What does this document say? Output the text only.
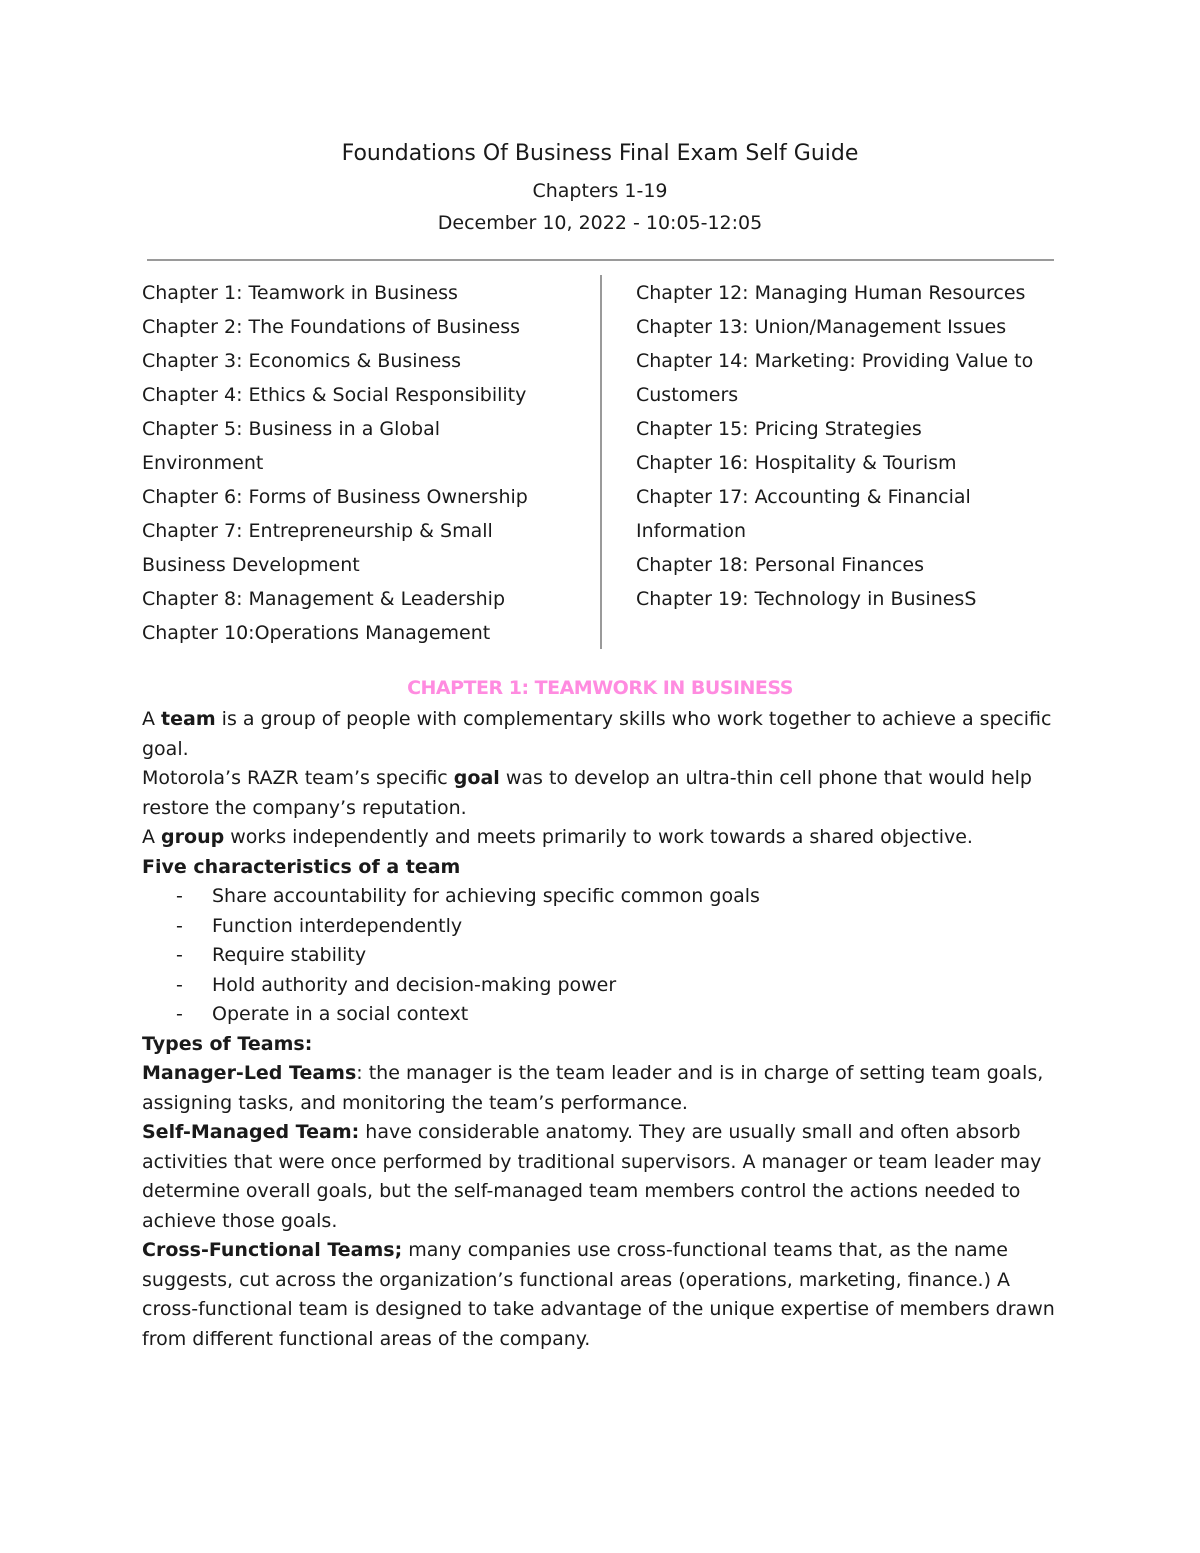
Foundations Of Business Final Exam Self Guide
Chapters 1-19
December 10, 2022 - 10:05-12:05
Chapter 1: Teamwork in Business
Chapter 2: The Foundations of Business
Chapter 3: Economics & Business
Chapter 4: Ethics & Social Responsibility
Chapter 5: Business in a Global
Environment
Chapter 6: Forms of Business Ownership
Chapter 7: Entrepreneurship & Small
Business Development
Chapter 8: Management & Leadership
Chapter 10:Operations Management
Chapter 12: Managing Human Resources
Chapter 13: Union/Management Issues
Chapter 14: Marketing: Providing Value to
Customers
Chapter 15: Pricing Strategies
Chapter 16: Hospitality & Tourism
Chapter 17: Accounting & Financial
Information
Chapter 18: Personal Finances
Chapter 19: Technology in BusinesS
CHAPTER 1: TEAMWORK IN BUSINESS

A team is a group of people with complementary skills who work together to achieve a specific goal.

Motorola’s RAZR team’s specific goal was to develop an ultra-thin cell phone that would help restore the company’s reputation.

A group works independently and meets primarily to work towards a shared objective.

Five characteristics of a team

- Share accountability for achieving specific common goals
- Function interdependently
- Require stability
- Hold authority and decision-making power
- Operate in a social context

Types of Teams:

Manager-Led Teams: the manager is the team leader and is in charge of setting team goals, assigning tasks, and monitoring the team’s performance.

Self-Managed Team: have considerable anatomy. They are usually small and often absorb activities that were once performed by traditional supervisors. A manager or team leader may determine overall goals, but the self-managed team members control the actions needed to achieve those goals.

Cross-Functional Teams; many companies use cross-functional teams that, as the name suggests, cut across the organization’s functional areas (operations, marketing, finance.) A cross-functional team is designed to take advantage of the unique expertise of members drawn from different functional areas of the company.
